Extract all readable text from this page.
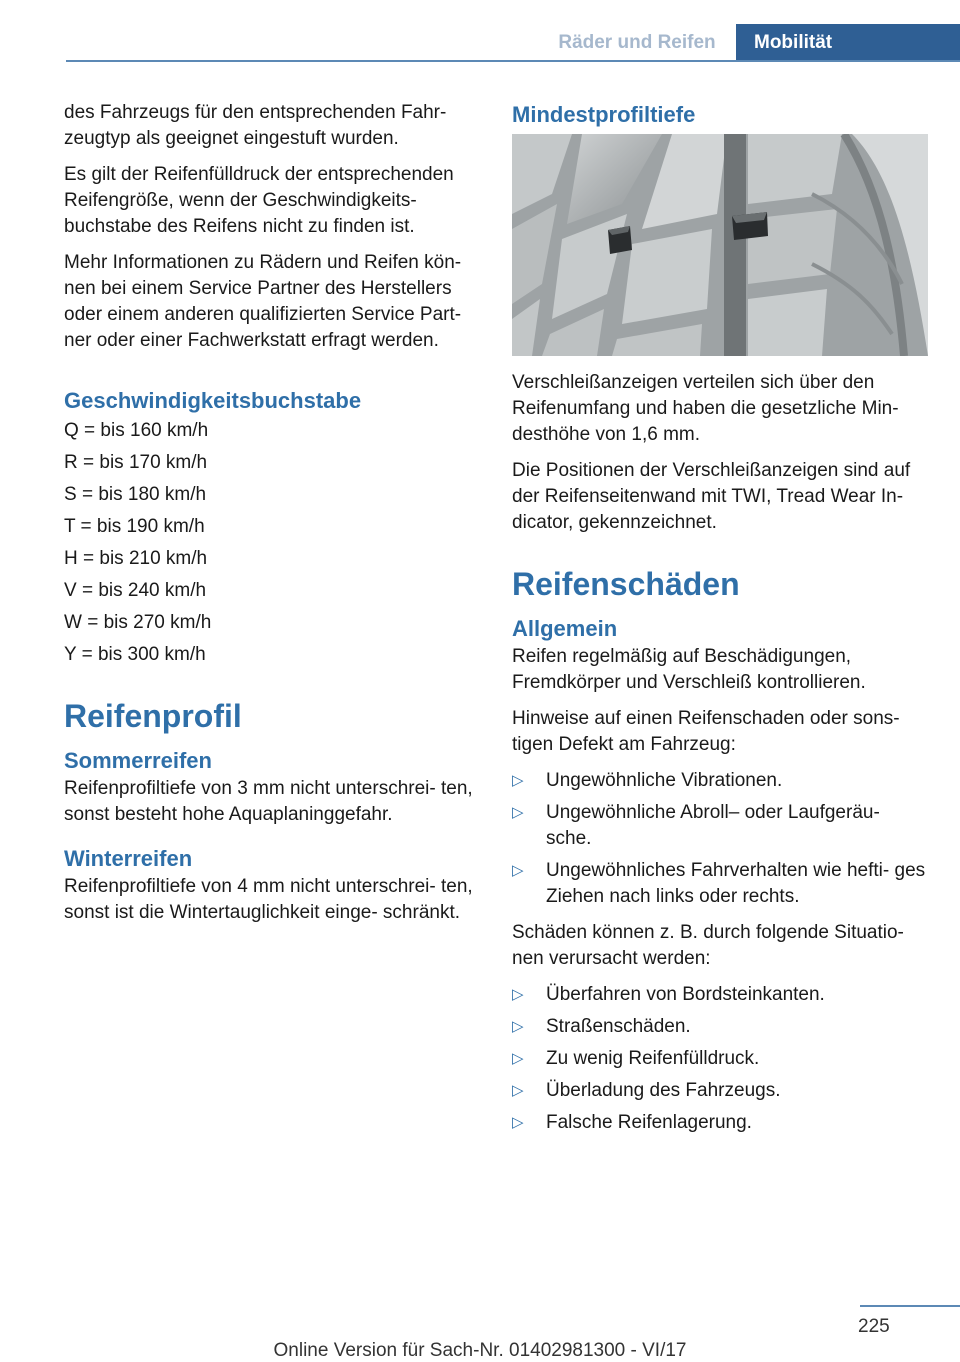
Räder und Reifen	Mobilität

des Fahrzeugs für den entsprechenden Fahr‐ zeugtyp als geeignet eingestuft wurden.

Es gilt der Reifenfülldruck der entsprechenden Reifengröße, wenn der Geschwindigkeits‐ buchstabe des Reifens nicht zu finden ist.

Mehr Informationen zu Rädern und Reifen kön‐ nen bei einem Service Partner des Herstellers oder einem anderen qualifizierten Service Part‐ ner oder einer Fachwerkstatt erfragt werden.

Geschwindigkeitsbuchstabe
Q = bis 160 km/h
R = bis 170 km/h
S = bis 180 km/h
T = bis 190 km/h
H = bis 210 km/h
V = bis 240 km/h
W = bis 270 km/h
Y = bis 300 km/h
Reifenprofil
Sommerreifen

Reifenprofiltiefe von 3 mm nicht unterschrei‐ ten, sonst besteht hohe Aquaplaninggefahr.

Winterreifen

Reifenprofiltiefe von 4 mm nicht unterschrei‐ ten, sonst ist die Wintertauglichkeit einge‐ schränkt.

Mindestprofiltiefe

Verschleißanzeigen verteilen sich über den Reifenumfang und haben die gesetzliche Min‐ desthöhe von 1,6 mm.

Die Positionen der Verschleißanzeigen sind auf der Reifenseitenwand mit TWI, Tread Wear In‐ dicator, gekennzeichnet.

Reifenschäden
Allgemein

Reifen regelmäßig auf Beschädigungen, Fremdkörper und Verschleiß kontrollieren.

Hinweise auf einen Reifenschaden oder sons‐ tigen Defekt am Fahrzeug:

▷	Ungewöhnliche Vibrationen.
▷	Ungewöhnliche Abroll– oder Laufgeräu‐ sche.
▷	Ungewöhnliches Fahrverhalten wie hefti‐ ges Ziehen nach links oder rechts.

Schäden können z. B. durch folgende Situatio‐ nen verursacht werden:

▷	Überfahren von Bordsteinkanten.
▷	Straßenschäden.
▷	Zu wenig Reifenfülldruck.
▷	Überladung des Fahrzeugs.
▷	Falsche Reifenlagerung.
225
Online Version für Sach-Nr. 01402981300 - VI/17
